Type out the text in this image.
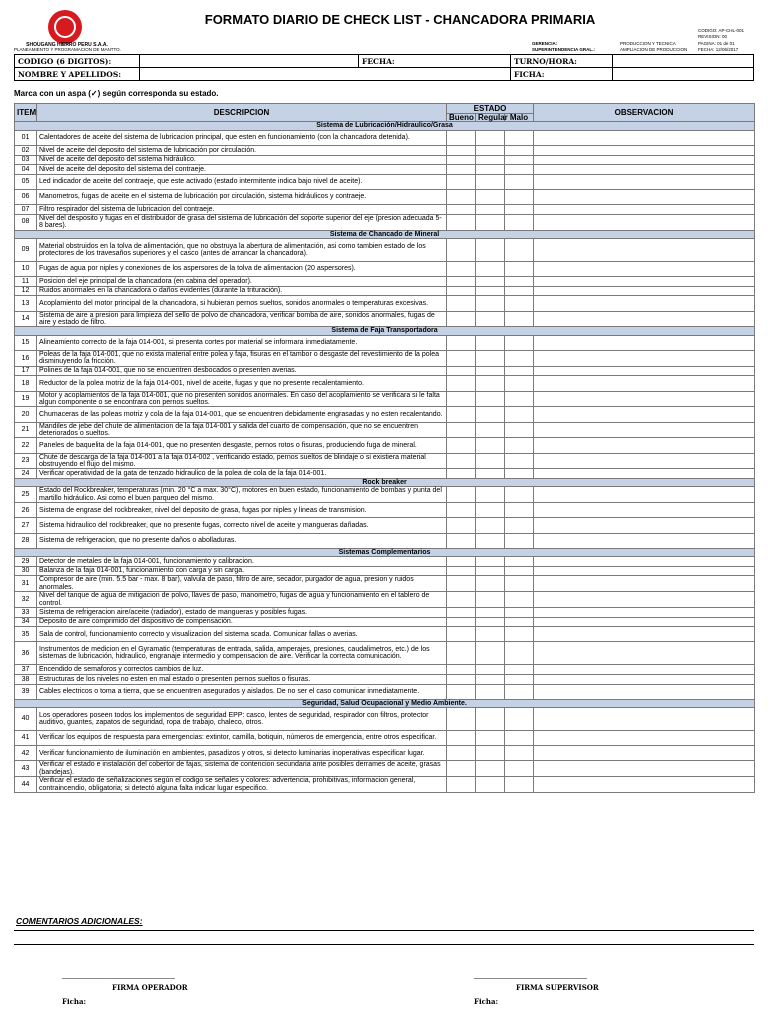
SHOUGANG HIERRO PERU S.A.A.
PLANEAMIENTO Y PROGRAMACION DE MANTTO.
FORMATO DIARIO DE CHECK LIST - CHANCADORA PRIMARIA
CODIGO: AP-CHL-001
REVISION: 00
GERENCIA:
SUPERINTENDENCIA GRAL.:
PRODUCCION Y TECNICA
AMPLIACION DE PRODUCCION
PAGINA: 01 de 01
FECHA: 12/06/2017
CODIGO (6 DIGITOS):		FECHA:	TURNO/HORA:	
NOMBRE Y APELLIDOS:			FICHA:	
Marca con un aspa (✓) según corresponda su estado.
ITEM	DESCRIPCION	ESTADO			OBSERVACION
		Bueno	Regular	Malo	
Sistema de Lubricación/Hidraulico/Grasa					
01	Calentadores de aceite del sistema de lubricacion principal, que esten en funcionamiento (con la chancadora detenida).				
02	Nivel de aceite del deposito del sistema de lubricación por circulación.				
03	Nivel de aceite del deposito del sistema hidráulico.				
04	Nivel de aceite del deposito del sistema del contraeje.				
05	Led indicador de aceite del contraeje, que este activado (estado intermitente indica bajo nivel de aceite).				
06	Manometros, fugas de aceite en el sistema de lubricación por circulación, sistema hidráulicos y contraeje.				
07	Filtro respirador del sistema de lubricacion del contraeje.				
08	Nivel del desposito y fugas en el distribuidor de grasa del sistema de lubricación del soporte superior del eje (presion adecuada 5-8 bares).				
Sistema de Chancado de Mineral					
09	Material obstruidos en la tolva de alimentación, que no obstruya la abertura de alimentación, asi como tambien estado de los protectores de los travesaños superiores y el casco (antes de arrancar la chancadora).				
10	Fugas de agua por niples y conexiones de los aspersores de la tolva de alimentacion (20 aspersores).				
11	Posicion del eje principal de la chancadora (en cabina del operador).				
12	Ruidos anormales en la chancadora o daños evidentes (durante la trituración).				
13	Acoplamiento del motor principal de la chancadora, si hubieran pernos sueltos, sonidos anormales o temperaturas excesivas.				
14	Sistema de aire a presion para limpieza del sello de polvo de chancadora, verificar bomba de aire, sonidos anormales, fugas de aire y estado de filtro.				
Sistema de Faja Transportadora					
15	Alineamiento correcto de la faja 014-001, si presenta cortes por material se informara inmediatamente.				
16	Poleas de la faja 014-001, que no exista material entre polea y faja, fisuras en el tambor o desgaste del revestimiento de la polea disminuyendo la fricción.				
17	Polines de la faja 014-001, que no se encuentren desbocados o presenten averias.				
18	Reductor de la polea motriz de la faja 014-001, nivel de aceite, fugas y que no presente recalentamiento.				
19	Motor y acoplamientos de la faja 014-001, que no presenten sonidos anormales. En caso del acoplamiento se verificara si le falta algun componente o se encontrara con pernos sueltos.				
20	Chumaceras de las poleas motriz y cola de la faja 014-001, que se encuentren debidamente engrasadas y no esten recalentando.				
21	Mandiles de jebe del chute de alimentacion de la faja 014-001 y salida del cuarto de compensación, que no se encuentren deteriorados o sueltos.				
22	Paneles de baquelita de la faja 014-001, que no presenten desgaste, pernos rotos o fisuras, produciendo fuga de mineral.				
23	Chute de descarga de la faja 014-001 a la faja 014-002 , verificando estado, pernos sueltos de blindaje o si existiera material obstruyendo el flujo del mismo.				
24	Verificar operatividad de la gata de tenzado hidraulico de la polea de cola de la faja 014-001.				
Rock breaker					
25	Estado del Rockbreaker, temperaturas (min. 20 °C a max. 30°C), motores en buen estado, funcionamiento de bombas y punta del martillo hidráulico. Asi como el buen parqueo del mismo.				
26	Sistema de engrase del rockbreaker, nivel del deposito de grasa, fugas por niples y lineas de transmision.				
27	Sistema hidraulico del rockbreaker, que no presente fugas, correcto nivel de aceite y mangueras dañadas.				
28	Sistema de refrigeracion, que no presente daños o abolladuras.				
Sistemas Complementarios					
29	Detector de metales de la faja 014-001, funcionamiento y calibracion.				
30	Balanza de la faja 014-001, funcionamiento con carga y sin carga.				
31	Compresor de aire (min. 5.5 bar - max. 8 bar), valvula de paso, filtro de aire, secador, purgador de agua, presion y ruidos anormales.				
32	Nivel del tanque de agua de mitigacion de polvo, llaves de paso, manometro, fugas de agua y funcionamiento en el tablero de control.				
33	Sistema de refrigeracion aire/aceite (radiador), estado de mangueras y posibles fugas.				
34	Deposito de aire comprimido del dispositivo de compensación.				
35	Sala de control, funcionamiento correcto y visualizacion del sistema scada. Comunicar fallas o averias.				
36	Instrumentos de medicion en el Gyramatic (temperaturas de entrada, salida, amperajes, presiones, caudalimetros, etc.) de los sistemas de lubricación, hidraulico, engranaje intermedio y compensacion de aire. Verificar la correcta comunicación.				
37	Encendido de semaforos y correctos cambios de luz.				
38	Estructuras de los niveles no esten en mal estado o presenten pernos sueltos o fisuras.				
39	Cables electricos o toma a tierra, que se encuentren asegurados y aislados. De no ser el caso comunicar inmediatamente.				
Seguridad, Salud Ocupacional y Medio Ambiente.					
40	Los operadores poseen todos los implementos de seguridad EPP: casco, lentes de seguridad, respirador con filtros, protector auditivo, guantes, zapatos de seguridad, ropa de trabajo, chaleco, otros.				
41	Verificar los equipos de respuesta para emergencias: extintor, camilla, botiquin, números de emergencia, entre otros especificar.				
42	Verificar funcionamiento de iluminación en ambientes, pasadizos y otros, si detecto luminarias inoperativas especificar lugar.				
43	Verificar el estado e instalación del cobertor de fajas, sistema de contencion secundaria ante posibles derrames de aceite, grasas (bandejas).				
44	Verificar el estado de señalizaciones según el codigo se señales y colores: advertencia, prohibitivas, informacion general, contraincendio, obligatoria; si detectó alguna falta indicar lugar especifico.				
COMENTARIOS ADICIONALES:
_____________________________
FIRMA OPERADOR
Ficha:
_____________________________
FIRMA SUPERVISOR
Ficha:
